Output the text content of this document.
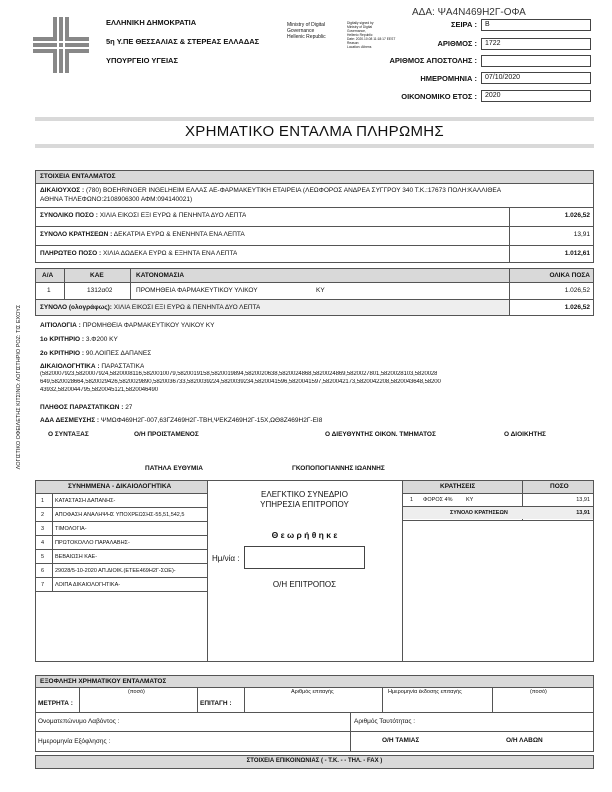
ΕΛΛΗΝΙΚΗ ΔΗΜΟΚΡΑΤΙΑ
5η Υ.ΠΕ ΘΕΣΣΑΛΙΑΣ & ΣΤΕΡΕΑΣ ΕΛΛΑΔΑΣ
ΥΠΟΥΡΓΕΙΟ ΥΓΕΙΑΣ
Ministry of Digital
Governance
Hellenic Republic
Digitally signed by
Ministry of Digital
Governance,
Hellenic Republic
Date: 2020.10.08 11:18:17 EEST
Reason:
Location: Athens
ΑΔΑ: ΨΑ4Ν469Η2Γ-ΟΦΑ
ΣΕΙΡΑ :	Β
ΑΡΙΘΜΟΣ :	1722
ΑΡΙΘΜΟΣ ΑΠΟΣΤΟΛΗΣ :
ΗΜΕΡΟΜΗΝΙΑ :	07/10/2020
ΟΙΚΟΝΟΜΙΚΟ ΕΤΟΣ :	2020
ΧΡΗΜΑΤΙΚΟ ΕΝΤΑΛΜΑ ΠΛΗΡΩΜΗΣ
ΣΤΟΙΧΕΙΑ ΕΝΤΑΛΜΑΤΟΣ
ΔΙΚΑΙΟΥΧΟΣ : (780) BOEHRINGER INGELHEIM ΕΛΛΑΣ ΑΕ-ΦΑΡΜΑΚΕΥΤΙΚΗ ΕΤΑΙΡΕΙΑ (ΛΕΩΦΟΡΟΣ ΑΝΔΡΕΑ ΣΥΓΓΡΟΥ 340 Τ.Κ.:17673 ΠΟΛΗ:ΚΑΛΛΙΘΕΑ
ΑΘΗΝΑ ΤΗΛΕΦΩΝΟ:2108906300 ΑΦΜ:094140021)
ΣΥΝΟΛΙΚΟ ΠΟΣΟ : ΧΙΛΙΑ ΕΙΚΟΣΙ ΕΞΙ ΕΥΡΩ & ΠΕΝΗΝΤΑ ΔΥΟ ΛΕΠΤΑ	1.026,52
ΣΥΝΟΛΟ ΚΡΑΤΗΣΕΩΝ : ΔΕΚΑΤΡΙΑ ΕΥΡΩ & ΕΝΕΝΗΝΤΑ ΕΝΑ ΛΕΠΤΑ	13,91
ΠΛΗΡΩΤΕΟ ΠΟΣΟ : ΧΙΛΙΑ ΔΩΔΕΚΑ ΕΥΡΩ & ΕΞΗΝΤΑ ΕΝΑ ΛΕΠΤΑ	1.012,61
Α/Α	ΚΑΕ	ΚΑΤΟΝΟΜΑΣΙΑ	ΟΛΙΚΑ ΠΟΣΑ
1	1312α02	ΠΡΟΜΗΘΕΙΑ ΦΑΡΜΑΚΕΥΤΙΚΟΥ ΥΛΙΚΟΥ	ΚΥ	1.026,52
ΣΥΝΟΛΟ (ολογράφως): ΧΙΛΙΑ ΕΙΚΟΣΙ ΕΞΙ ΕΥΡΩ & ΠΕΝΗΝΤΑ ΔΥΟ ΛΕΠΤΑ	1.026,52
ΑΙΤΙΟΛΟΓΙΑ : ΠΡΟΜΗΘΕΙΑ ΦΑΡΜΑΚΕΥΤΙΚΟΥ ΥΛΙΚΟΥ ΚΥ
1ο ΚΡΙΤΗΡΙΟ : 3.Φ200 ΚΥ
2ο ΚΡΙΤΗΡΙΟ : 90.ΛΟΙΠΕΣ ΔΑΠΑΝΕΣ
ΔΙΚΑΙΟΛΟΓΗΤΙΚΑ : ΠΑΡΑΣΤΑΤΙΚΑ
(5820007923,5820007924,5820008116,5820010079,5820019158,5820019894,5820020638,5820024868,5820024869,5820027801,5820028103,5820028
649,5820028664,5820029426,5820029890,5820036733,5820039224,5820039234,5820041596,5820041597,5820042173,5820042208,5820043648,58200
43932,5820044795,5820045121,5820046490
ΠΛΗΘΟΣ ΠΑΡΑΣΤΑΤΙΚΩΝ : 27
ΑΔΑ ΔΕΣΜΕΥΣΗΣ : ΨΜΩΦ469Η2Γ-007,63ΓΖ469Η2Γ-ΤΒΗ,ΨΕΚΖ469Η2Γ-15Χ,ΩΘ8Ζ469Η2Γ-ΕΙ8
Ο ΣΥΝΤΑΞΑΣ	Ο/Η ΠΡΟΪΣΤΑΜΕΝΟΣ	Ο ΔΙΕΥΘΥΝΤΗΣ ΟΙΚΟΝ. ΤΜΗΜΑΤΟΣ	Ο ΔΙΟΙΚΗΤΗΣ
ΠΑΤΗΛΑ ΕΥΘΥΜΙΑ	ΓΚΟΠΟΠΟΓΙΑΝΝΗΣ ΙΩΑΝΝΗΣ
ΣΥΝΗΜΜΕΝΑ - ΔΙΚΑΙΟΛΟΓΗΤΙΚΑ
1 ΚΑΤΑΣΤΑΣΗ ΔΑΠΑΝΗΣ-
2 ΑΠΟΦΑΣΗ ΑΝΑΛΗΨΗΣ ΥΠΟΧΡΕΩΣΗΣ-55,51,542,5
3 ΤΙΜΟΛΟΓΙΑ-
4 ΠΡΩΤΟΚΟΛΛΟ ΠΑΡΑΛΑΒΗΣ-
5 ΒΕΒΑΙΩΣΗ ΚΑΕ-
6 29028/5-10-2020 ΑΠ.ΔΙΟΙΚ.(ΕΤΕΕ469Η2Γ-ΣΩΕ)-
7 ΛΟΙΠΑ ΔΙΚΑΙΟΛΟΓΗΤΙΚΑ-
ΕΛΕΓΚΤΙΚΟ ΣΥΝΕΔΡΙΟ
ΥΠΗΡΕΣΙΑ ΕΠΙΤΡΟΠΟΥ
Θ ε ω ρ ή θ η κ ε
Ημ/νία :
Ο/Η ΕΠΙΤΡΟΠΟΣ
ΚΡΑΤΗΣΕΙΣ	ΠΟΣΟ
1 ΦΟΡΟΣ 4% ΚΥ	13,91
ΣΥΝΟΛΟ ΚΡΑΤΗΣΕΩΝ	13,91
ΕΞΟΦΛΗΣΗ ΧΡΗΜΑΤΙΚΟΥ ΕΝΤΑΛΜΑΤΟΣ
ΜΕΤΡΗΤΑ :
(ποσό)
ΕΠΙΤΑΓΗ :
Αριθμός επιταγής	Ημερομηνία έκδοσης επιταγής	(ποσό)
Ονοματεπώνυμο Λαβόντος :	Αριθμός Ταυτότητας :
Ημερομηνία Εξόφλησης :	Ο/Η ΤΑΜΙΑΣ	Ο/Η ΛΑΒΩΝ
ΣΤΟΙΧΕΙΑ ΕΠΙΚΟΙΝΩΝΙΑΣ ( - Τ.Κ. - - ΤΗΛ. - FAX )
ΛΟΓΙΣΤΙΚΟ ΟΦΕΙΛΕΤΗΣ ΚΙΤΣΙΝΟ: ΛΟΓΙΣΤΗΡΙΟ ΡΟΖ: ΤΙΣ ΕΧΟΥΣ
